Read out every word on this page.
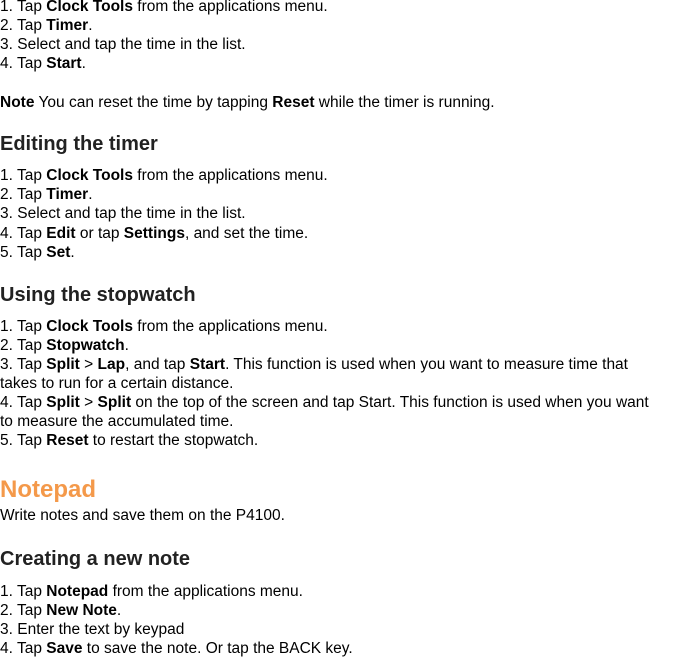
1. Tap Clock Tools from the applications menu.
2. Tap Timer.
3. Select and tap the time in the list.
4. Tap Start.
Note You can reset the time by tapping Reset while the timer is running.
Editing the timer
1. Tap Clock Tools from the applications menu.
2. Tap Timer.
3. Select and tap the time in the list.
4. Tap Edit or tap Settings, and set the time.
5. Tap Set.
Using the stopwatch
1. Tap Clock Tools from the applications menu.
2. Tap Stopwatch.
3. Tap Split > Lap, and tap Start. This function is used when you want to measure time that
takes to run for a certain distance.
4. Tap Split > Split on the top of the screen and tap Start. This function is used when you want
to measure the accumulated time.
5. Tap Reset to restart the stopwatch.
Notepad
Write notes and save them on the P4100.
Creating a new note
1. Tap Notepad from the applications menu.
2. Tap New Note.
3. Enter the text by keypad
4. Tap Save to save the note. Or tap the BACK key.
